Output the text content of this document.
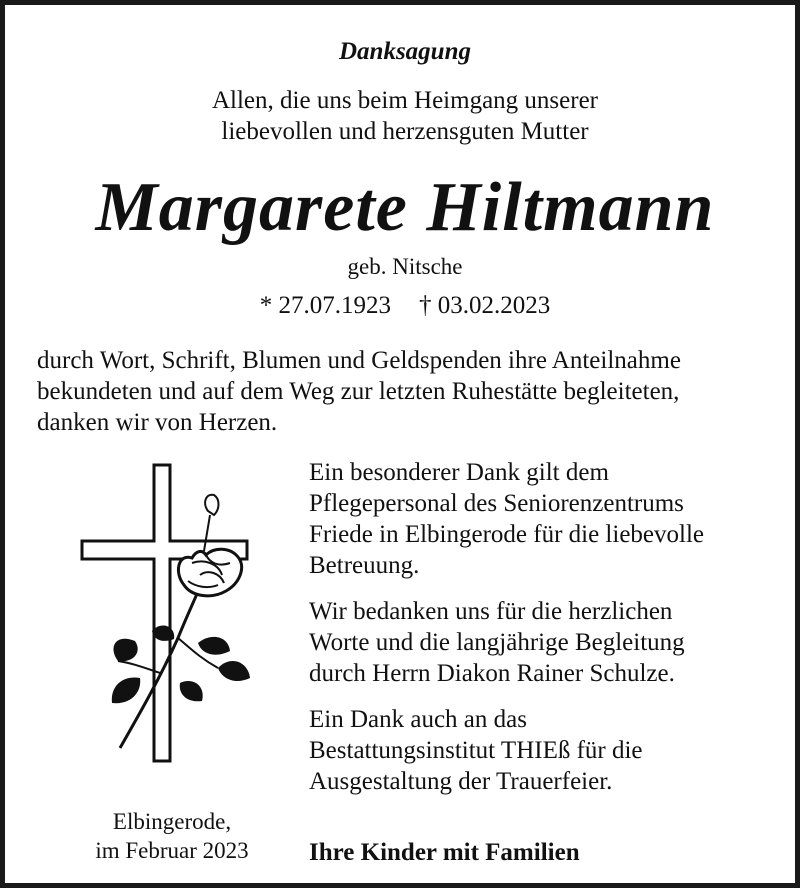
Danksagung
Allen, die uns beim Heimgang unserer
liebevollen und herzensguten Mutter
Margarete Hiltmann
geb. Nitsche
* 27.07.1923 † 03.02.2023
durch Wort, Schrift, Blumen und Geldspenden ihre Anteilnahme
bekundeten und auf dem Weg zur letzten Ruhestätte begleiteten,
danken wir von Herzen.

Ein besonderer Dank gilt dem
Pflegepersonal des Seniorenzentrums
Friede in Elbingerode für die liebevolle
Betreuung.

Wir bedanken uns für die herzlichen
Worte und die langjährige Begleitung
durch Herrn Diakon Rainer Schulze.

Ein Dank auch an das
Bestattungsinstitut THIEß für die
Ausgestaltung der Trauerfeier.

Elbingerode,
im Februar 2023	Ihre Kinder mit Familien
